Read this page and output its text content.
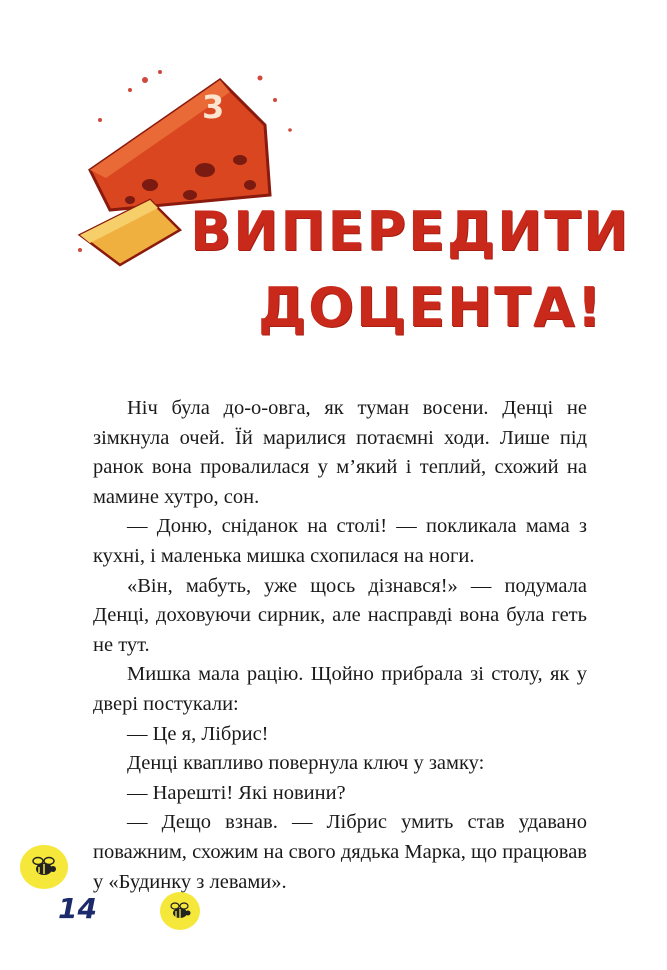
3
ВИПЕРЕДИТИ
ДОЦЕНТА!

Ніч була до-о-овга, як туман восени. Денці не зімкнула очей. Їй марилися потаємні ходи. Лише під ранок вона провалилася у м’який і теплий, схожий на мамине хутро, сон.

— Доню, сніданок на столі! — покликала мама з кухні, і маленька мишка схопилася на ноги.

«Він, мабуть, уже щось дізнався!» — подумала Денці, доховуючи сирник, але насправді вона була геть не тут.

Мишка мала рацію. Щойно прибрала зі столу, як у двері постукали:

— Це я, Лібрис!

Денці квапливо повернула ключ у замку:

— Нарешті! Які новини?

— Дещо взнав. — Лібрис умить став удавано поважним, схожим на свого дядька Марка, що працював у «Будинку з левами».

14
